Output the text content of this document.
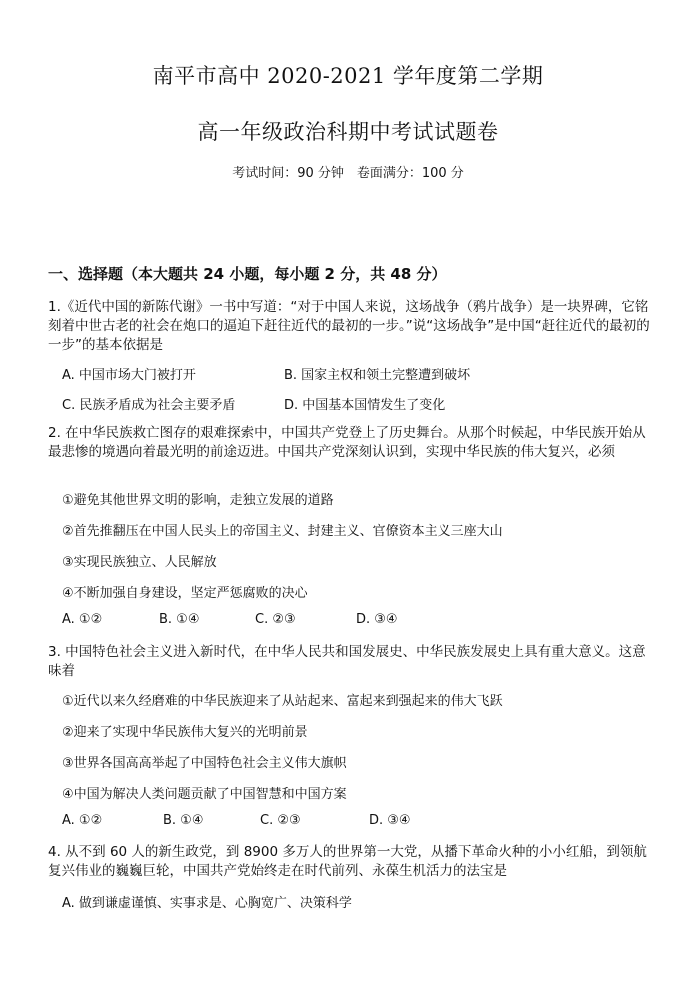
南平市高中 2020-2021 学年度第二学期
高一年级政治科期中考试试题卷
考试时间：90 分钟　卷面满分：100 分
一、选择题（本大题共 24 小题，每小题 2 分，共 48 分）
1.《近代中国的新陈代谢》一书中写道：“对于中国人来说，这场战争（鸦片战争）是一块界碑，它铭刻着中世古老的社会在炮口的逼迫下赶往近代的最初的一步。”说“这场战争”是中国“赶往近代的最初的一步”的基本依据是
A. 中国市场大门被打开	B. 国家主权和领土完整遭到破坏
C. 民族矛盾成为社会主要矛盾	D. 中国基本国情发生了变化
2. 在中华民族救亡图存的艰难探索中，中国共产党登上了历史舞台。从那个时候起，中华民族开始从最悲惨的境遇向着最光明的前途迈进。中国共产党深刻认识到，实现中华民族的伟大复兴，必须
①避免其他世界文明的影响，走独立发展的道路
②首先推翻压在中国人民头上的帝国主义、封建主义、官僚资本主义三座大山
③实现民族独立、人民解放
④不断加强自身建设，坚定严惩腐败的决心
A. ①②	B. ①④	C. ②③	D. ③④
3. 中国特色社会主义进入新时代，在中华人民共和国发展史、中华民族发展史上具有重大意义。这意味着
①近代以来久经磨难的中华民族迎来了从站起来、富起来到强起来的伟大飞跃
②迎来了实现中华民族伟大复兴的光明前景
③世界各国高高举起了中国特色社会主义伟大旗帜
④中国为解决人类问题贡献了中国智慧和中国方案
A. ①②	B. ①④	C. ②③	D. ③④
4. 从不到 60 人的新生政党，到 8900 多万人的世界第一大党，从播下革命火种的小小红船，到领航复兴伟业的巍巍巨轮，中国共产党始终走在时代前列、永葆生机活力的法宝是
A. 做到谦虚谨慎、实事求是、心胸宽广、决策科学
